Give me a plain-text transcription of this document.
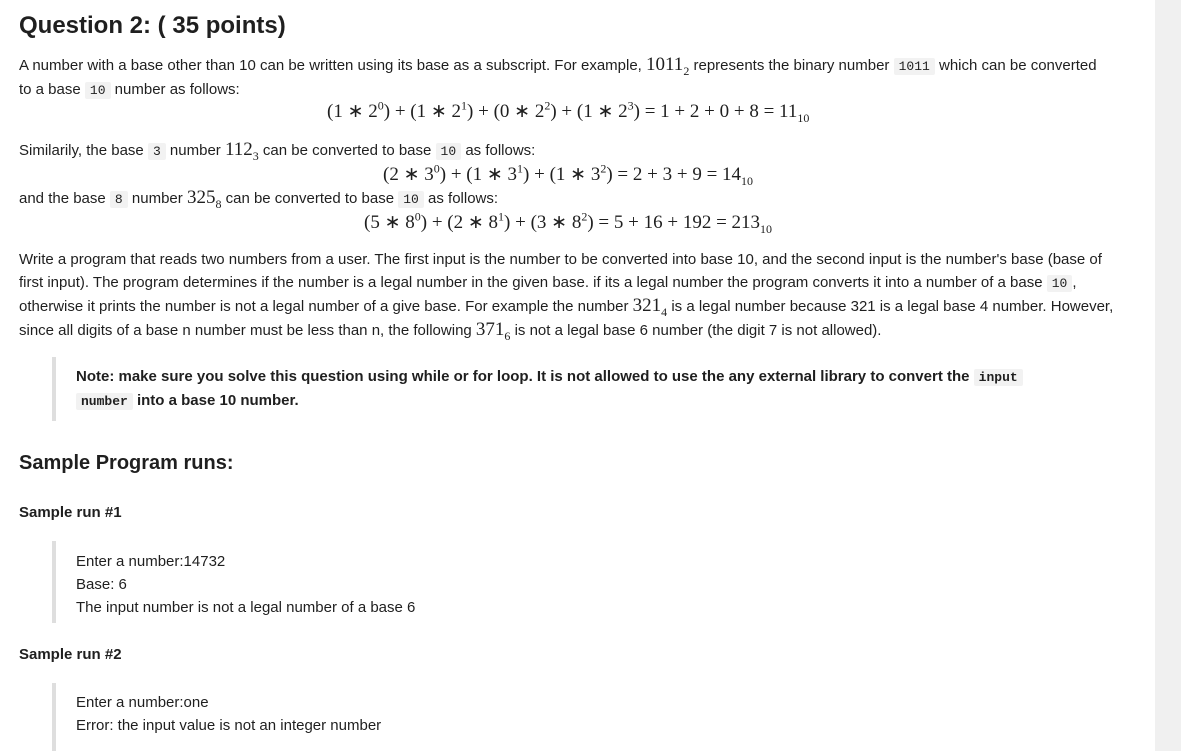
Question 2: ( 35 points)

A number with a base other than 10 can be written using its base as a subscript. For example, $1011_2$ represents the binary number 1011 which can be converted to a base 10 number as follows:

(1 ∗ $2^0) + (1$ ∗ $2^1) + (0$ ∗ $2^2) + (1$ ∗ $2^3) = 1 + 2 + 0 + 8 = 11_{10}$

Similarily, the base 3 number $112_3$ can be converted to base 10 as follows:

(2 ∗ $3^0) + (1$ ∗ $3^1) + (1$ ∗ $3^2) = 2 + 3 + 9 = 14_{10}$

and the base 8 number $325_8$ can be converted to base 10 as follows:

(5 ∗ $8^0) + (2$ ∗ $8^1) + (3$ ∗ $8^2) = 5 + 16 + 192 = 213_{10}$

Write a program that reads two numbers from a user. The first input is the number to be converted into base 10, and the second input is the number's base (base of first input). The program determines if the number is a legal number in the given base. if its a legal number the program converts it into a number of a base 10 , otherwise it prints the number is not a legal number of a give base. For example the number $321_4$ is a legal number because 321 is a legal base 4 number. However, since all digits of a base n number must be less than n, the following $371_6$ is not a legal base 6 number (the digit 7 is not allowed).

Note: make sure you solve this question using while or for loop. It is not allowed to use the any external library to convert the input
number into a base 10 number.

Sample Program runs:
Sample run #1

Enter a number:14732

Base: 6

The input number is not a legal number of a base 6

Sample run #2

Enter a number:one

Error: the input value is not an integer number
